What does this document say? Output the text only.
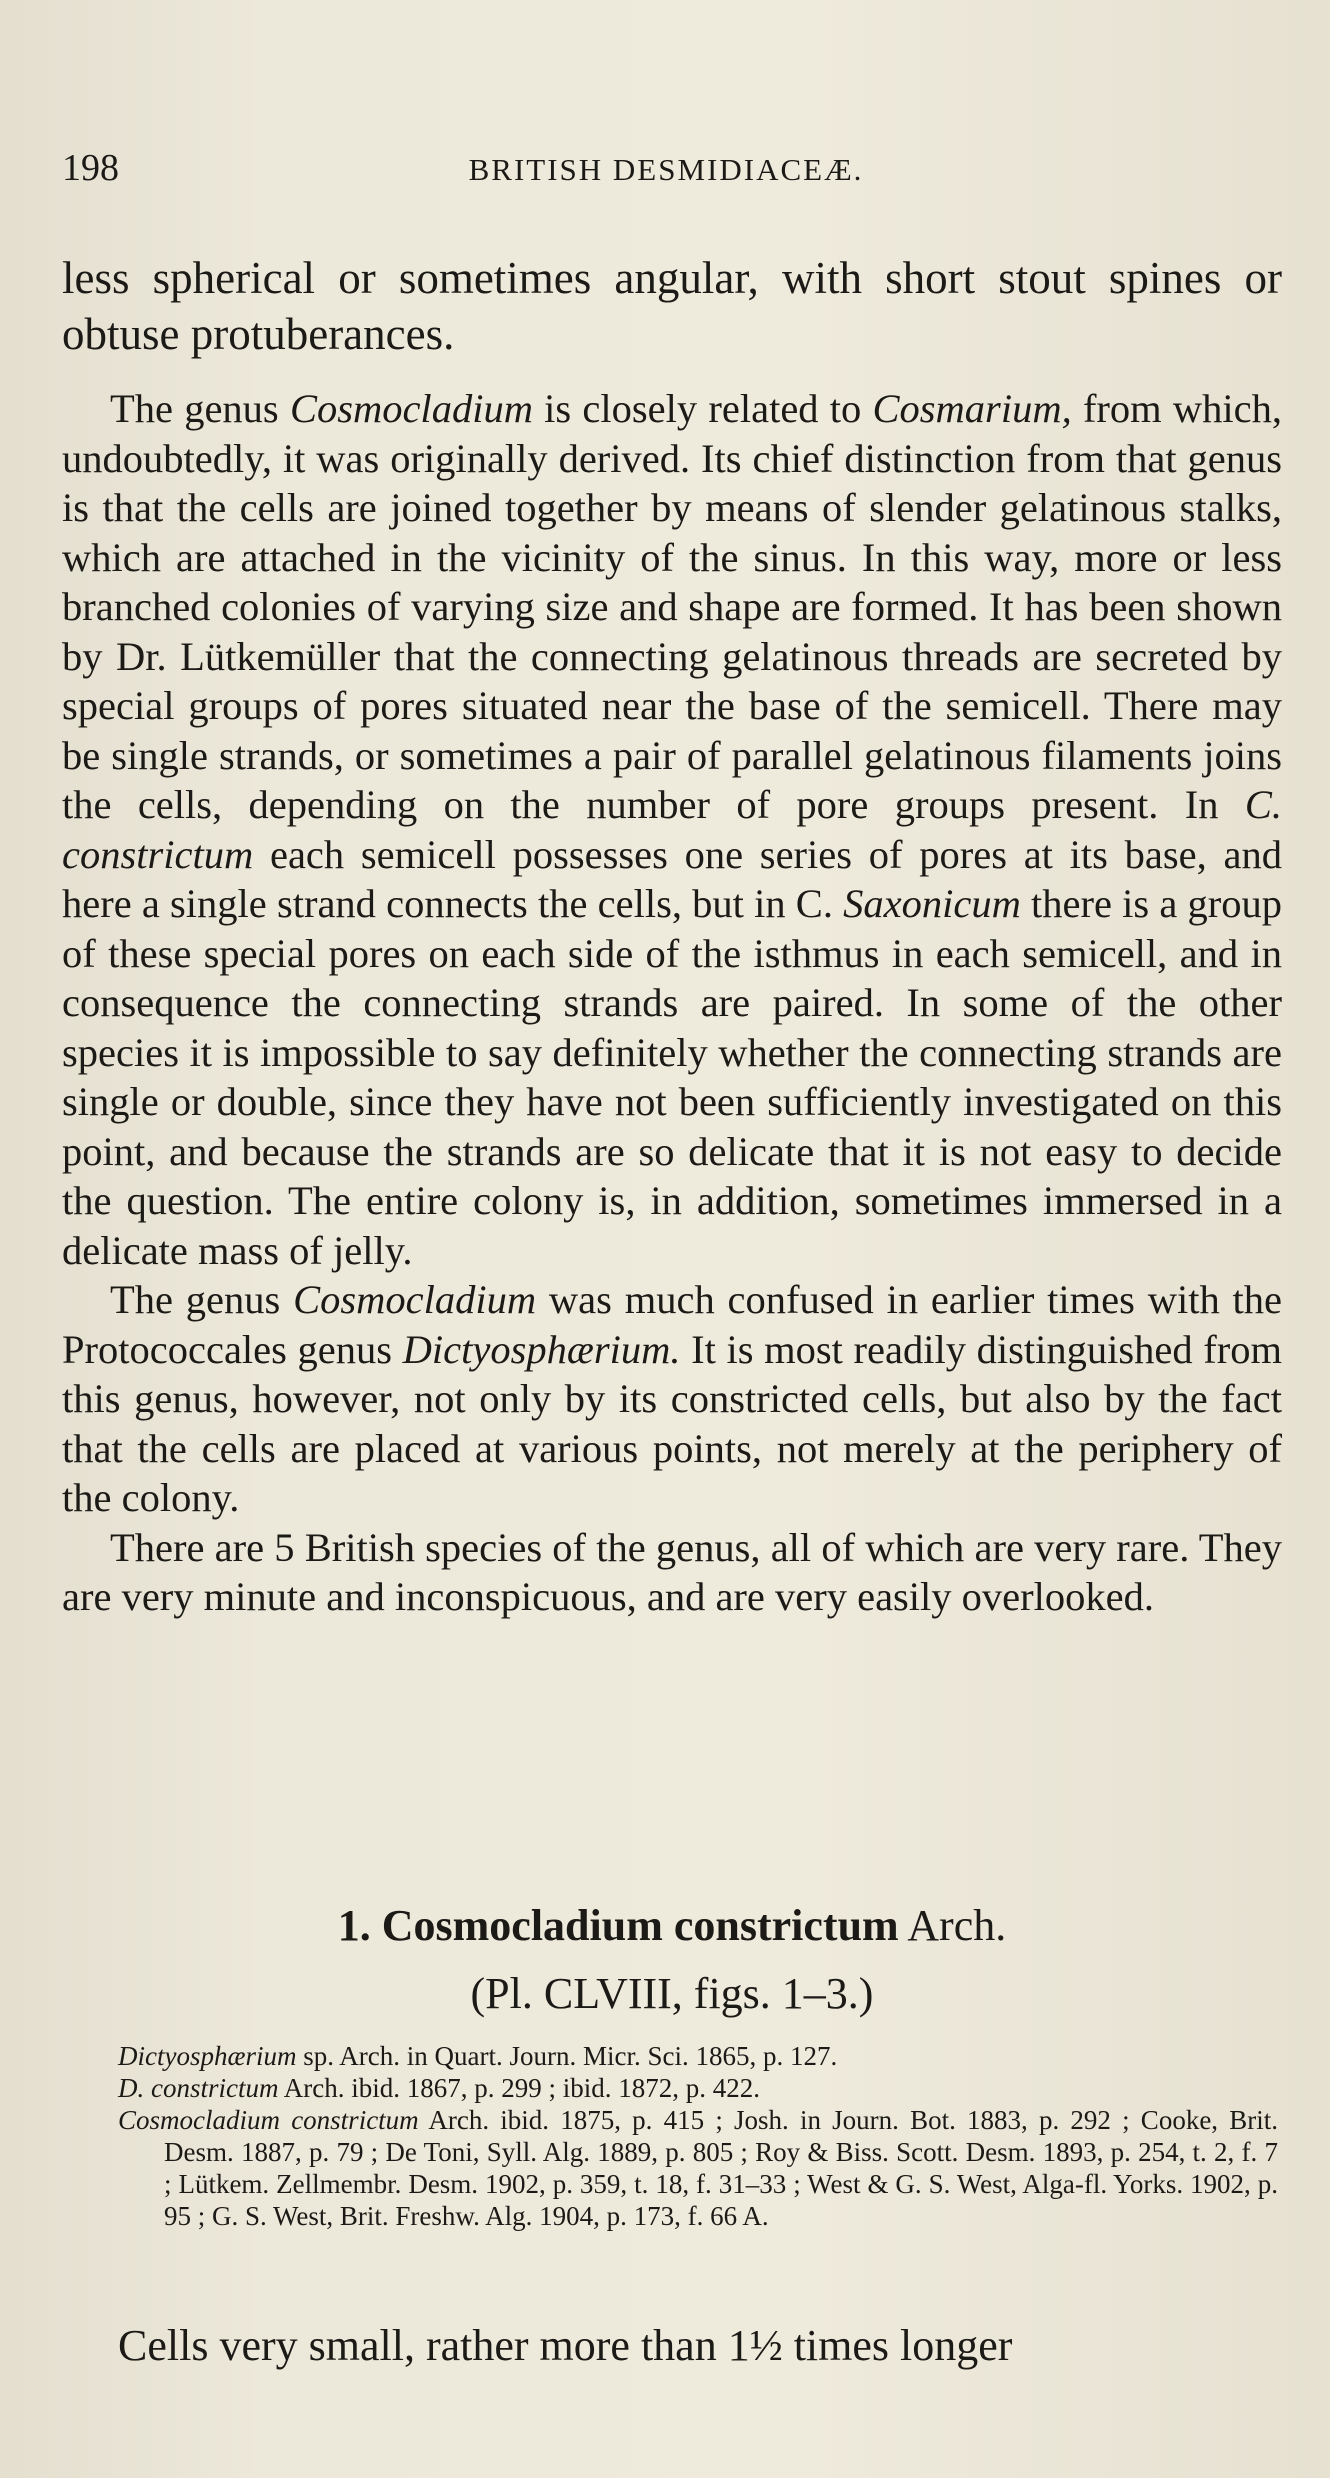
198	BRITISH DESMIDIACEÆ.

less spherical or sometimes angular, with short stout spines or obtuse protuberances.

The genus Cosmocladium is closely related to Cosmarium, from which, undoubtedly, it was originally derived. Its chief distinction from that genus is that the cells are joined together by means of slender gelatinous stalks, which are attached in the vicinity of the sinus. In this way, more or less branched colonies of varying size and shape are formed. It has been shown by Dr. Lütkemüller that the connecting gelatinous threads are secreted by special groups of pores situated near the base of the semicell. There may be single strands, or sometimes a pair of parallel gelatinous filaments joins the cells, depending on the number of pore groups present. In C. constrictum each semicell possesses one series of pores at its base, and here a single strand connects the cells, but in C. Saxonicum there is a group of these special pores on each side of the isthmus in each semicell, and in consequence the connecting strands are paired. In some of the other species it is impossible to say definitely whether the connecting strands are single or double, since they have not been sufficiently investigated on this point, and because the strands are so delicate that it is not easy to decide the question. The entire colony is, in addition, sometimes immersed in a delicate mass of jelly.

The genus Cosmocladium was much confused in earlier times with the Protococcales genus Dictyosphærium. It is most readily distinguished from this genus, however, not only by its constricted cells, but also by the fact that the cells are placed at various points, not merely at the periphery of the colony.

There are 5 British species of the genus, all of which are very rare. They are very minute and inconspicuous, and are very easily overlooked.

1. Cosmocladium constrictum Arch.
(Pl. CLVIII, figs. 1–3.)
Dictyosphærium sp. Arch. in Quart. Journ. Micr. Sci. 1865, p. 127.
D. constrictum Arch. ibid. 1867, p. 299 ; ibid. 1872, p. 422.
Cosmocladium constrictum Arch. ibid. 1875, p. 415 ; Josh. in Journ. Bot. 1883, p. 292 ; Cooke, Brit. Desm. 1887, p. 79 ; De Toni, Syll. Alg. 1889, p. 805 ; Roy & Biss. Scott. Desm. 1893, p. 254, t. 2, f. 7 ; Lütkem. Zellmembr. Desm. 1902, p. 359, t. 18, f. 31–33 ; West & G. S. West, Alga-fl. Yorks. 1902, p. 95 ; G. S. West, Brit. Freshw. Alg. 1904, p. 173, f. 66 A.
Cells very small, rather more than 1½ times longer
